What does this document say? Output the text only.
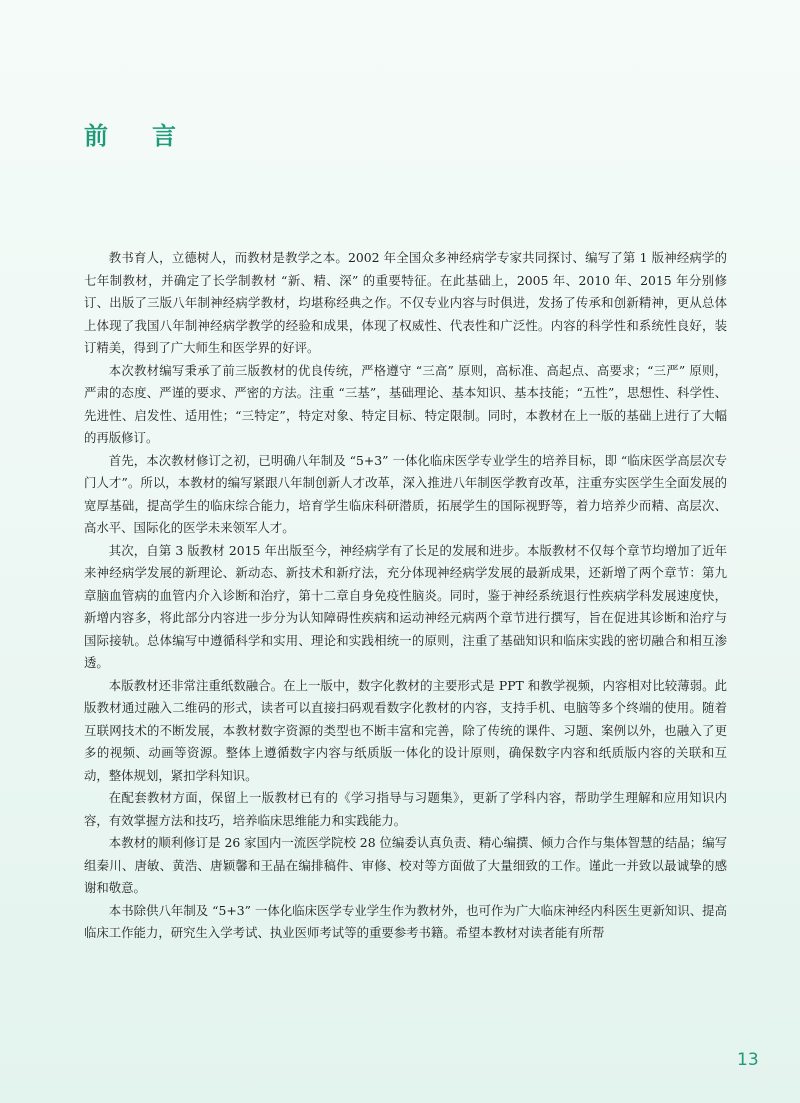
前言

教书育人，立德树人，而教材是教学之本。2002 年全国众多神经病学专家共同探讨、编写了第 1 版神经病学的七年制教材，并确定了长学制教材 “新、精、深” 的重要特征。在此基础上，2005 年、2010 年、2015 年分别修订、出版了三版八年制神经病学教材，均堪称经典之作。不仅专业内容与时俱进，发扬了传承和创新精神，更从总体上体现了我国八年制神经病学教学的经验和成果，体现了权威性、代表性和广泛性。内容的科学性和系统性良好，装订精美，得到了广大师生和医学界的好评。

本次教材编写秉承了前三版教材的优良传统，严格遵守 “三高” 原则，高标准、高起点、高要求；“三严” 原则，严肃的态度、严谨的要求、严密的方法。注重 “三基”，基础理论、基本知识、基本技能；“五性”，思想性、科学性、先进性、启发性、适用性；“三特定”，特定对象、特定目标、特定限制。同时，本教材在上一版的基础上进行了大幅的再版修订。

首先，本次教材修订之初，已明确八年制及 “5+3” 一体化临床医学专业学生的培养目标，即 “临床医学高层次专门人才”。所以，本教材的编写紧跟八年制创新人才改革，深入推进八年制医学教育改革，注重夯实医学生全面发展的宽厚基础，提高学生的临床综合能力，培育学生临床科研潜质，拓展学生的国际视野等，着力培养少而精、高层次、高水平、国际化的医学未来领军人才。

其次，自第 3 版教材 2015 年出版至今，神经病学有了长足的发展和进步。本版教材不仅每个章节均增加了近年来神经病学发展的新理论、新动态、新技术和新疗法，充分体现神经病学发展的最新成果，还新增了两个章节：第九章脑血管病的血管内介入诊断和治疗，第十二章自身免疫性脑炎。同时，鉴于神经系统退行性疾病学科发展速度快，新增内容多，将此部分内容进一步分为认知障碍性疾病和运动神经元病两个章节进行撰写，旨在促进其诊断和治疗与国际接轨。总体编写中遵循科学和实用、理论和实践相统一的原则，注重了基础知识和临床实践的密切融合和相互渗透。

本版教材还非常注重纸数融合。在上一版中，数字化教材的主要形式是 PPT 和教学视频，内容相对比较薄弱。此版教材通过融入二维码的形式，读者可以直接扫码观看数字化教材的内容，支持手机、电脑等多个终端的使用。随着互联网技术的不断发展，本教材数字资源的类型也不断丰富和完善，除了传统的课件、习题、案例以外，也融入了更多的视频、动画等资源。整体上遵循数字内容与纸质版一体化的设计原则，确保数字内容和纸质版内容的关联和互动，整体规划，紧扣学科知识。

在配套教材方面，保留上一版教材已有的《学习指导与习题集》，更新了学科内容，帮助学生理解和应用知识内容，有效掌握方法和技巧，培养临床思维能力和实践能力。

本教材的顺利修订是 26 家国内一流医学院校 28 位编委认真负责、精心编撰、倾力合作与集体智慧的结晶；编写组秦川、唐敏、黄浩、唐颖馨和王晶在编排稿件、审修、校对等方面做了大量细致的工作。谨此一并致以最诚挚的感谢和敬意。

本书除供八年制及 “5+3” 一体化临床医学专业学生作为教材外，也可作为广大临床神经内科医生更新知识、提高临床工作能力，研究生入学考试、执业医师考试等的重要参考书籍。希望本教材对读者能有所帮

13
